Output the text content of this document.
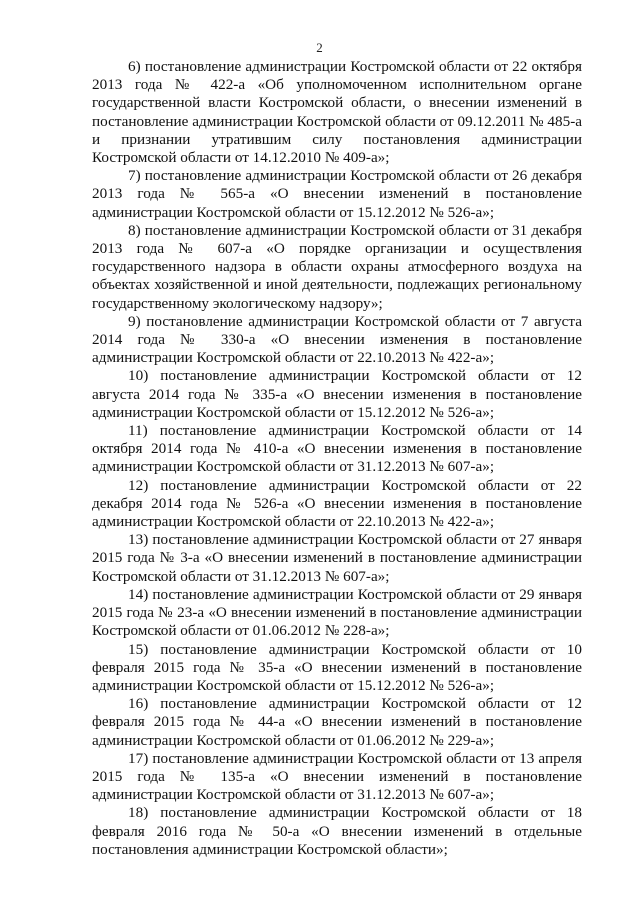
2

6) постановление администрации Костромской области от 22 октября 2013 года № 422-а «Об уполномоченном исполнительном органе государственной власти Костромской области, о внесении изменений в постановление администрации Костромской области от 09.12.2011 № 485-а и признании утратившим силу постановления администрации Костромской области от 14.12.2010 № 409-а»;

7) постановление администрации Костромской области от 26 декабря 2013 года № 565-а «О внесении изменений в постановление администрации Костромской области от 15.12.2012 № 526-а»;

8) постановление администрации Костромской области от 31 декабря 2013 года № 607-а «О порядке организации и осуществления государственного надзора в области охраны атмосферного воздуха на объектах хозяйственной и иной деятельности, подлежащих региональному государственному экологическому надзору»;

9) постановление администрации Костромской области от 7 августа 2014 года № 330-а «О внесении изменения в постановление администрации Костромской области от 22.10.2013 № 422-а»;

10) постановление администрации Костромской области от 12 августа 2014 года № 335-а «О внесении изменения в постановление администрации Костромской области от 15.12.2012 № 526-а»;

11) постановление администрации Костромской области от 14 октября 2014 года № 410-а «О внесении изменения в постановление администрации Костромской области от 31.12.2013 № 607-а»;

12) постановление администрации Костромской области от 22 декабря 2014 года № 526-а «О внесении изменения в постановление администрации Костромской области от 22.10.2013 № 422-а»;

13) постановление администрации Костромской области от 27 января 2015 года № 3-а «О внесении изменений в постановление администрации Костромской области от 31.12.2013 № 607-а»;

14) постановление администрации Костромской области от 29 января 2015 года № 23-а «О внесении изменений в постановление администрации Костромской области от 01.06.2012 № 228-а»;

15) постановление администрации Костромской области от 10 февраля 2015 года № 35-а «О внесении изменений в постановление администрации Костромской области от 15.12.2012 № 526-а»;

16) постановление администрации Костромской области от 12 февраля 2015 года № 44-а «О внесении изменений в постановление администрации Костромской области от 01.06.2012 № 229-а»;

17) постановление администрации Костромской области от 13 апреля 2015 года № 135-а «О внесении изменений в постановление администрации Костромской области от 31.12.2013 № 607-а»;

18) постановление администрации Костромской области от 18 февраля 2016 года № 50-а «О внесении изменений в отдельные постановления администрации Костромской области»;
